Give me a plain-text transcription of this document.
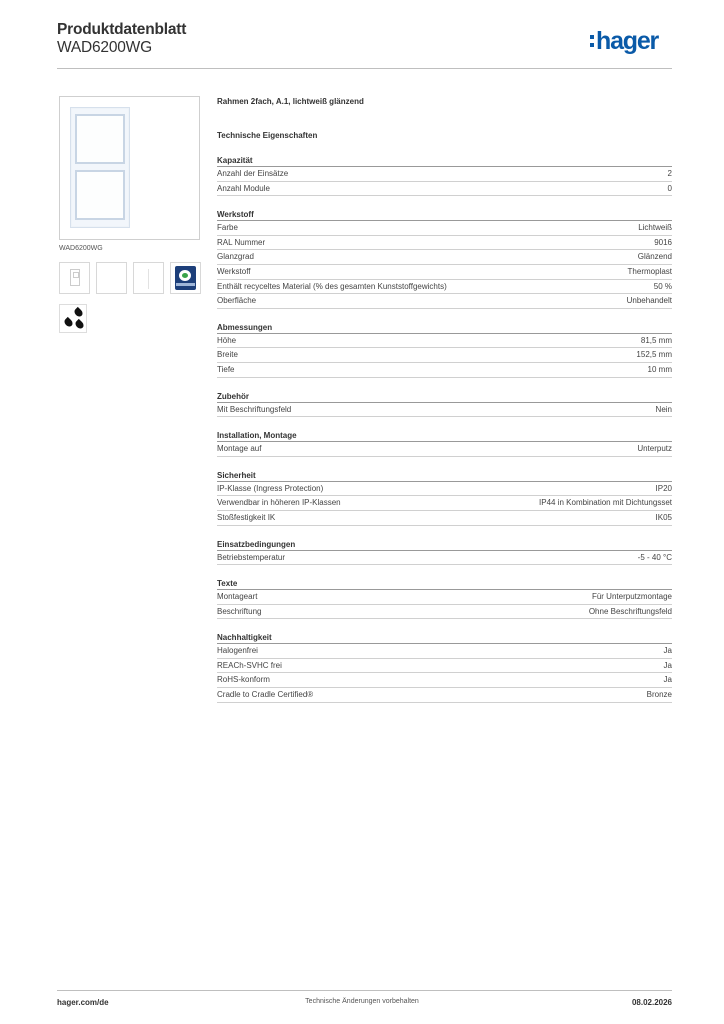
Produktdatenblatt
WAD6200WG	hager
WAD6200WG
Rahmen 2fach, A.1, lichtweiß glänzend
Technische Eigenschaften
Kapazität
Anzahl der Einsätze	2
Anzahl Module	0
Werkstoff
Farbe	Lichtweiß
RAL Nummer	9016
Glanzgrad	Glänzend
Werkstoff	Thermoplast
Enthält recyceltes Material (% des gesamten Kunststoffgewichts)	50 %
Oberfläche	Unbehandelt
Abmessungen
Höhe	81,5 mm
Breite	152,5 mm
Tiefe	10 mm
Zubehör
Mit Beschriftungsfeld	Nein
Installation, Montage
Montage auf	Unterputz
Sicherheit
IP-Klasse (Ingress Protection)	IP20
Verwendbar in höheren IP-Klassen	IP44 in Kombination mit Dichtungsset
Stoßfestigkeit IK	IK05
Einsatzbedingungen
Betriebstemperatur	-5 - 40 °C
Texte
Montageart	Für Unterputzmontage
Beschriftung	Ohne Beschriftungsfeld
Nachhaltigkeit
Halogenfrei	Ja
REACh-SVHC frei	Ja
RoHS-konform	Ja
Cradle to Cradle Certified®	Bronze
hager.com/de	Technische Änderungen vorbehalten	08.02.2026
